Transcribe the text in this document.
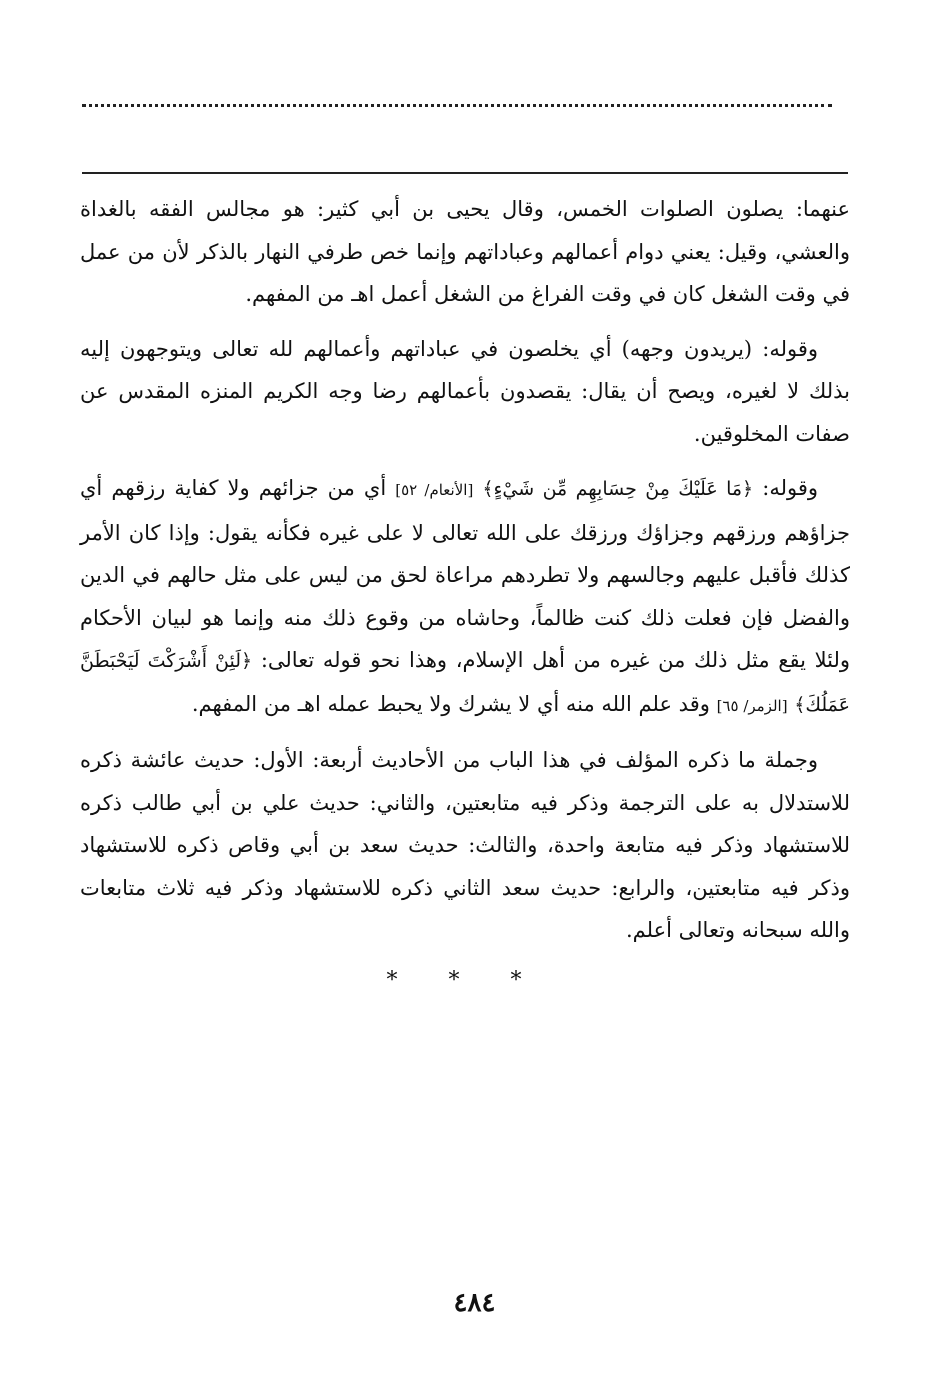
عنهما: يصلون الصلوات الخمس، وقال يحيى بن أبي كثير: هو مجالس الفقه بالغداة والعشي، وقيل: يعني دوام أعمالهم وعباداتهم وإنما خص طرفي النهار بالذكر لأن من عمل في وقت الشغل كان في وقت الفراغ من الشغل أعمل اهـ من المفهم.

وقوله: (يريدون وجهه) أي يخلصون في عباداتهم وأعمالهم لله تعالى ويتوجهون إليه بذلك لا لغيره، ويصح أن يقال: يقصدون بأعمالهم رضا وجه الكريم المنزه المقدس عن صفات المخلوقين.

وقوله: ﴿مَا عَلَيْكَ مِنْ حِسَابِهِم مِّن شَيْءٍ﴾ [الأنعام/ ٥٢] أي من جزائهم ولا كفاية رزقهم أي جزاؤهم ورزقهم وجزاؤك ورزقك على الله تعالى لا على غيره فكأنه يقول: وإذا كان الأمر كذلك فأقبل عليهم وجالسهم ولا تطردهم مراعاة لحق من ليس على مثل حالهم في الدين والفضل فإن فعلت ذلك كنت ظالماً، وحاشاه من وقوع ذلك منه وإنما هو لبيان الأحكام ولئلا يقع مثل ذلك من غيره من أهل الإسلام، وهذا نحو قوله تعالى: ﴿لَئِنْ أَشْرَكْتَ لَيَحْبَطَنَّ عَمَلُكَ﴾ [الزمر/ ٦٥] وقد علم الله منه أي لا يشرك ولا يحبط عمله اهـ من المفهم.

وجملة ما ذكره المؤلف في هذا الباب من الأحاديث أربعة: الأول: حديث عائشة ذكره للاستدلال به على الترجمة وذكر فيه متابعتين، والثاني: حديث علي بن أبي طالب ذكره للاستشهاد وذكر فيه متابعة واحدة، والثالث: حديث سعد بن أبي وقاص ذكره للاستشهاد وذكر فيه متابعتين، والرابع: حديث سعد الثاني ذكره للاستشهاد وذكر فيه ثلاث متابعات والله سبحانه وتعالى أعلم.

* * *
٤٨٤
